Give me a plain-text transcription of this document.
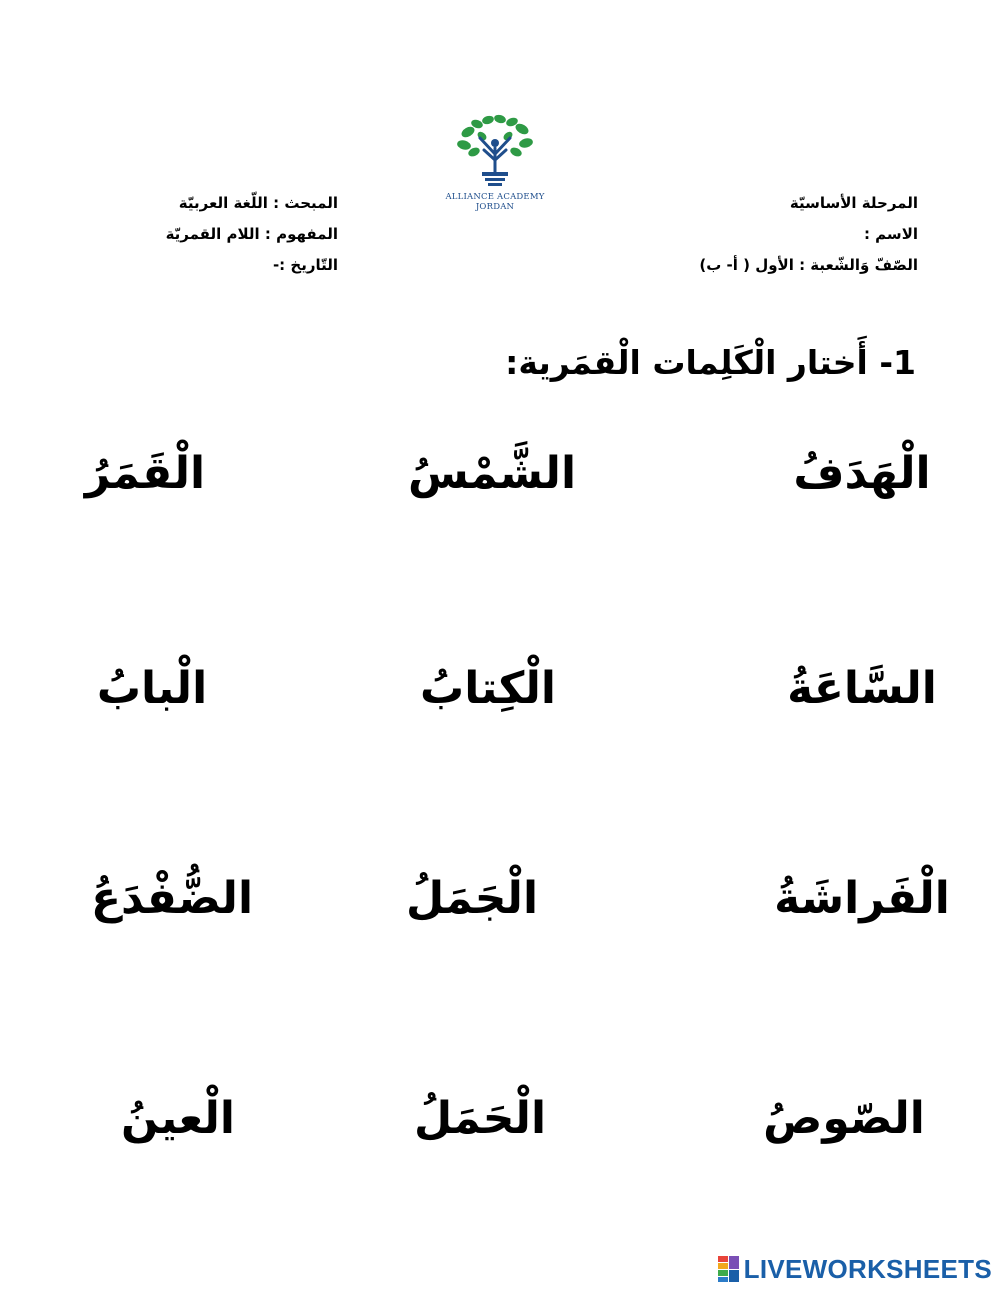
المرحلة الأساسيّة
الاسم :
الصّفّ وَالشّعبة : الأول ( أ- ب)
المبحث : اللّغة العربيّة
المفهوم : اللام القمريّة
التّاريخ :-
ALLIANCE ACADEMY
JORDAN
1- أَختار الْكَلِمات الْقمَرية:
الْهَدَفُ
الشَّمْسُ
الْقَمَرُ
السَّاعَةُ
الْكِتابُ
الْبابُ
الْفَراشَةُ
الْجَمَلُ
الضُّفْدَعُ
الصّوصُ
الْحَمَلُ
الْعينُ
LIVEWORKSHEETS
